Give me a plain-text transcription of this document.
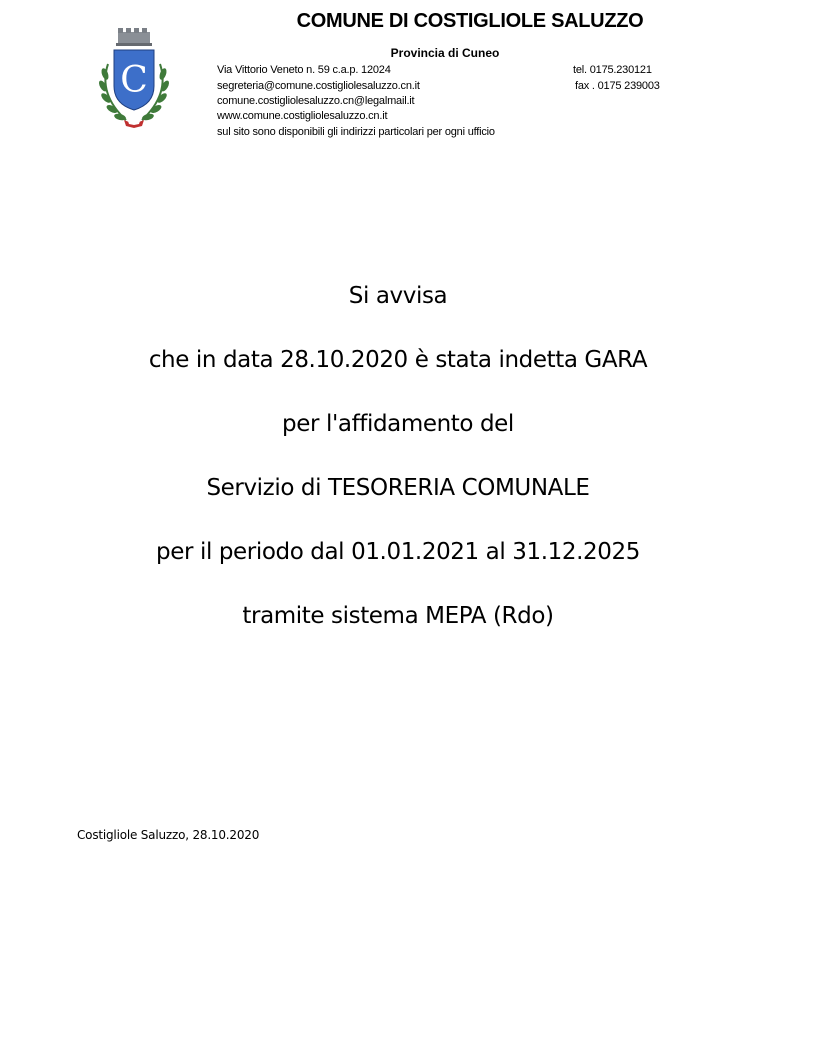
C
COMUNE DI COSTIGLIOLE SALUZZO
Provincia di Cuneo
Via Vittorio Veneto n. 59 c.a.p. 12024
segreteria@comune.costigliolesaluzzo.cn.it
comune.costigliolesaluzzo.cn@legalmail.it
www.comune.costigliolesaluzzo.cn.it
sul sito sono disponibili gli indirizzi particolari per ogni ufficio
tel. 0175.230121
fax . 0175 239003
Si avvisa
che in data 28.10.2020 è stata indetta GARA
per l'affidamento del
Servizio di TESORERIA COMUNALE
per il periodo dal 01.01.2021 al 31.12.2025
tramite sistema MEPA (Rdo)
Costigliole Saluzzo, 28.10.2020
